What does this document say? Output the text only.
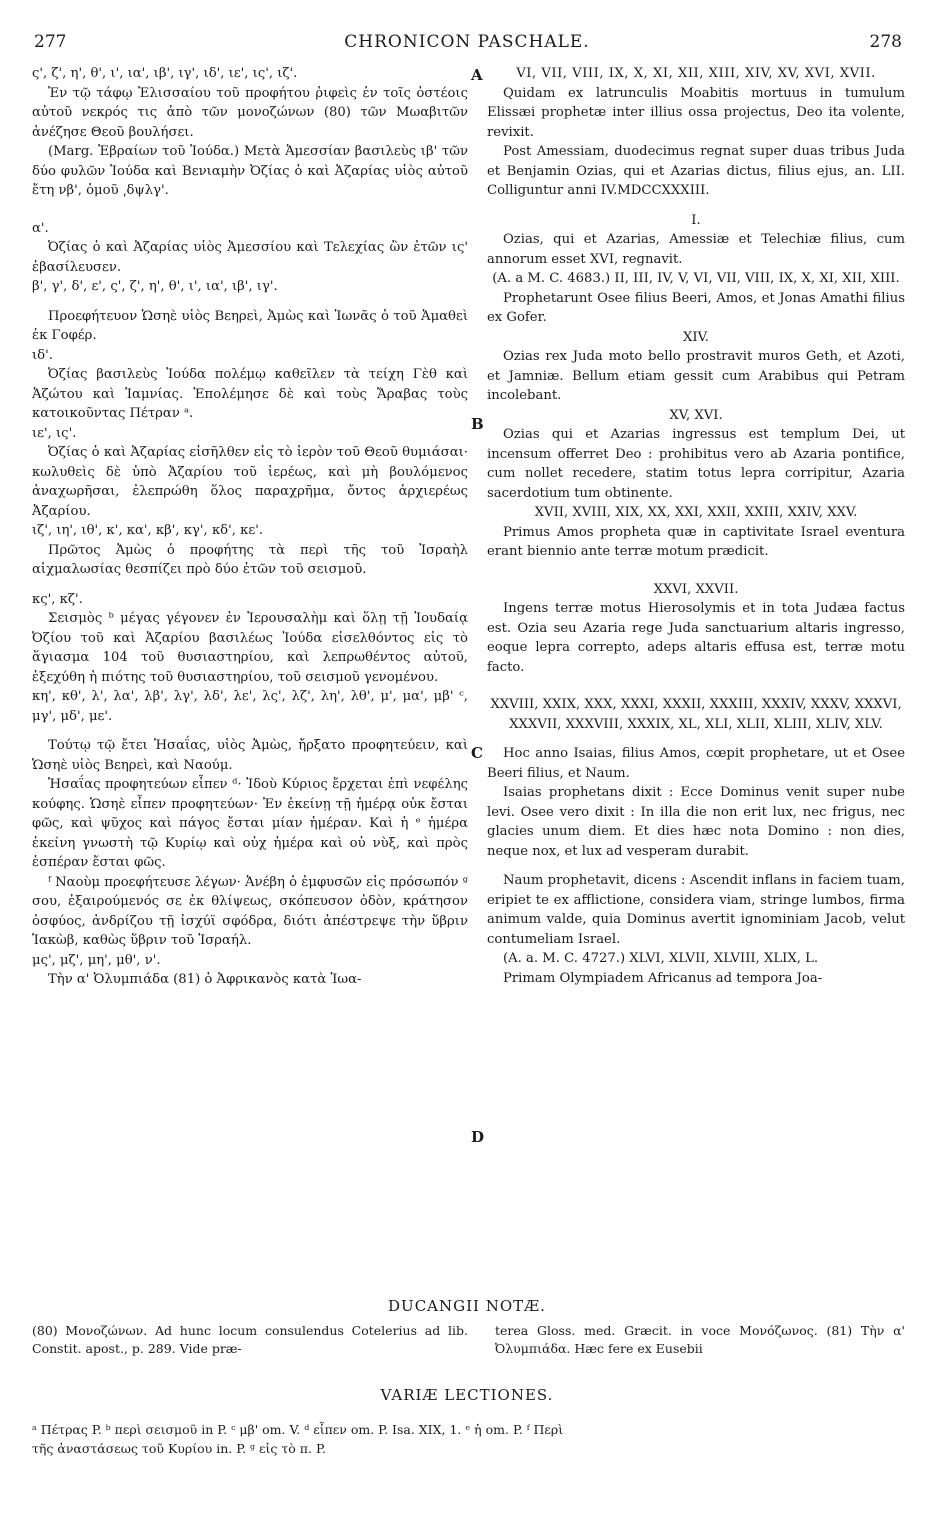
277	CHRONICON PASCHALE.	278

ς', ζ', η', θ', ι', ια', ιβ', ιγ', ιδ', ιε', ις', ιζ'.

Ἐν τῷ τάφῳ Ἐλισσαίου τοῦ προφήτου ῥιφεὶς ἐν τοῖς ὀστέοις αὐτοῦ νεκρός τις ἀπὸ τῶν μονοζώνων (80) τῶν Μωαβιτῶν ἀνέζησε Θεοῦ βουλήσει.

(Marg. Ἑβραίων τοῦ Ἰούδα.) Μετὰ Ἀμεσσίαν βασιλεὺς ιβ' τῶν δύο φυλῶν Ἰούδα καὶ Βενιαμὴν Ὀζίας ὁ καὶ Ἀζαρίας υἱὸς αὐτοῦ ἔτη νβ', ὁμοῦ ͵δψλγ'.

α'.

Ὀζίας ὁ καὶ Ἀζαρίας υἱὸς Ἀμεσσίου καὶ Τελεχίας ὢν ἐτῶν ις' ἐβασίλευσεν.

β', γ', δ', ε', ς', ζ', η', θ', ι', ια', ιβ', ιγ'.

Προεφήτευον Ὡσηὲ υἱὸς Βεηρεὶ, Ἀμὼς καὶ Ἰωνᾶς ὁ τοῦ Ἀμαθεὶ ἐκ Γοφέρ.

ιδ'.

Ὀζίας βασιλεὺς Ἰούδα πολέμῳ καθεῖλεν τὰ τείχη Γὲθ καὶ Ἀζώτου καὶ Ἰαμνίας. Ἐπολέμησε δὲ καὶ τοὺς Ἄραβας τοὺς κατοικοῦντας Πέτραν ᵃ.

ιε', ις'.

Ὀζίας ὁ καὶ Ἀζαρίας εἰσῆλθεν εἰς τὸ ἱερὸν τοῦ Θεοῦ θυμιάσαι· κωλυθεὶς δὲ ὑπὸ Ἀζαρίου τοῦ ἱερέως, καὶ μὴ βουλόμενος ἀναχωρῆσαι, ἐλεπρώθη ὅλος παραχρῆμα, ὄντος ἀρχιερέως Ἀζαρίου.

ιζ', ιη', ιθ', κ', κα', κβ', κγ', κδ', κε'.

Πρῶτος Ἀμὼς ὁ προφήτης τὰ περὶ τῆς τοῦ Ἰσραὴλ αἰχμαλωσίας θεσπίζει πρὸ δύο ἐτῶν τοῦ σεισμοῦ.

κς', κζ'.

Σεισμὸς ᵇ μέγας γέγονεν ἐν Ἱερουσαλὴμ καὶ ὅλῃ τῇ Ἰουδαίᾳ Ὀζίου τοῦ καὶ Ἀζαρίου βασιλέως Ἰούδα εἰσελθόντος εἰς τὸ ἅγιασμα 104 τοῦ θυσιαστηρίου, καὶ λεπρωθέντος αὐτοῦ, ἐξεχύθη ἡ πιότης τοῦ θυσιαστηρίου, τοῦ σεισμοῦ γενομένου.

κη', κθ', λ', λα', λβ', λγ', λδ', λε', λς', λζ', λη', λθ', μ', μα', μβ' ᶜ, μγ', μδ', με'.

Τούτῳ τῷ ἔτει Ἡσαΐας, υἱὸς Ἀμὼς, ἤρξατο προφητεύειν, καὶ Ὡσηὲ υἱὸς Βεηρεὶ, καὶ Ναούμ.

Ἡσαΐας προφητεύων εἶπεν ᵈ· Ἰδοὺ Κύριος ἔρχεται ἐπὶ νεφέλης κούφης. Ὡσηὲ εἶπεν προφητεύων· Ἐν ἐκείνῃ τῇ ἡμέρᾳ οὐκ ἔσται φῶς, καὶ ψῦχος καὶ πάγος ἔσται μίαν ἡμέραν. Καὶ ἡ ᵉ ἡμέρα ἐκείνη γνωστὴ τῷ Κυρίῳ καὶ οὐχ ἡμέρα καὶ οὐ νὺξ, καὶ πρὸς ἑσπέραν ἔσται φῶς.

ᶠ Ναοὺμ προεφήτευσε λέγων· Ἀνέβη ὁ ἐμφυσῶν εἰς πρόσωπόν ᵍ σου, ἐξαιρούμενός σε ἐκ θλίψεως, σκόπευσον ὁδὸν, κράτησον ὀσφύος, ἀνδρίζου τῇ ἰσχύϊ σφόδρα, διότι ἀπέστρεψε τὴν ὕβριν Ἰακὼβ, καθὼς ὕβριν τοῦ Ἰσραήλ.

μς', μζ', μη', μθ', ν'.

Τὴν α' Ὀλυμπιάδα (81) ὁ Ἀφρικανὸς κατὰ Ἰωα-

VI, VII, VIII, IX, X, XI, XII, XIII, XIV, XV, XVI, XVII.

Quidam ex latrunculis Moabitis mortuus in tumulum Elissæi prophetæ inter illius ossa projectus, Deo ita volente, revixit.

Post Amessiam, duodecimus regnat super duas tribus Juda et Benjamin Ozias, qui et Azarias dictus, filius ejus, an. LII. Colliguntur anni IV.MDCCXXXIII.

I.

Ozias, qui et Azarias, Amessiæ et Telechiæ filius, cum annorum esset XVI, regnavit.

(A. a M. C. 4683.) II, III, IV, V, VI, VII, VIII, IX, X, XI, XII, XIII.

Prophetarunt Osee filius Beeri, Amos, et Jonas Amathi filius ex Gofer.

XIV.

Ozias rex Juda moto bello prostravit muros Geth, et Azoti, et Jamniæ. Bellum etiam gessit cum Arabibus qui Petram incolebant.

XV, XVI.

Ozias qui et Azarias ingressus est templum Dei, ut incensum offerret Deo : prohibitus vero ab Azaria pontifice, cum nollet recedere, statim totus lepra corripitur, Azaria sacerdotium tum obtinente.

XVII, XVIII, XIX, XX, XXI, XXII, XXIII, XXIV, XXV.

Primus Amos propheta quæ in captivitate Israel eventura erant biennio ante terræ motum prædicit.

XXVI, XXVII.

Ingens terræ motus Hierosolymis et in tota Judæa factus est. Ozia seu Azaria rege Juda sanctuarium altaris ingresso, eoque lepra correpto, adeps altaris effusa est, terræ motu facto.

XXVIII, XXIX, XXX, XXXI, XXXII, XXXIII, XXXIV, XXXV, XXXVI, XXXVII, XXXVIII, XXXIX, XL, XLI, XLII, XLIII, XLIV, XLV.

Hoc anno Isaias, filius Amos, cœpit prophetare, ut et Osee Beeri filius, et Naum.

Isaias prophetans dixit : Ecce Dominus venit super nube levi. Osee vero dixit : In illa die non erit lux, nec frigus, nec glacies unum diem. Et dies hæc nota Domino : non dies, neque nox, et lux ad vesperam durabit.

Naum prophetavit, dicens : Ascendit inflans in faciem tuam, eripiet te ex afflictione, considera viam, stringe lumbos, firma animum valde, quia Dominus avertit ignominiam Jacob, velut contumeliam Israel.

(A. a. M. C. 4727.) XLVI, XLVII, XLVIII, XLIX, L.

Primam Olympiadem Africanus ad tempora Joa-

A
B
C
D
DUCANGII NOTÆ.

(80) Μονοζώνων. Ad hunc locum consulendus Cotelerius ad lib. Constit. apost., p. 289. Vide præ-

terea Gloss. med. Græcit. in voce Μονόζωνος. (81) Τὴν α' Ὀλυμπιάδα. Hæc fere ex Eusebii

VARIÆ LECTIONES.

ᵃ Πέτρας P. ᵇ περὶ σεισμοῦ in P. ᶜ μβ' om. V. ᵈ εἶπεν om. P. Isa. XIX, 1. ᵉ ἡ om. P. ᶠ Περὶ

τῆς ἀναστάσεως τοῦ Κυρίου in. P. ᵍ εἰς τὸ π. P.
